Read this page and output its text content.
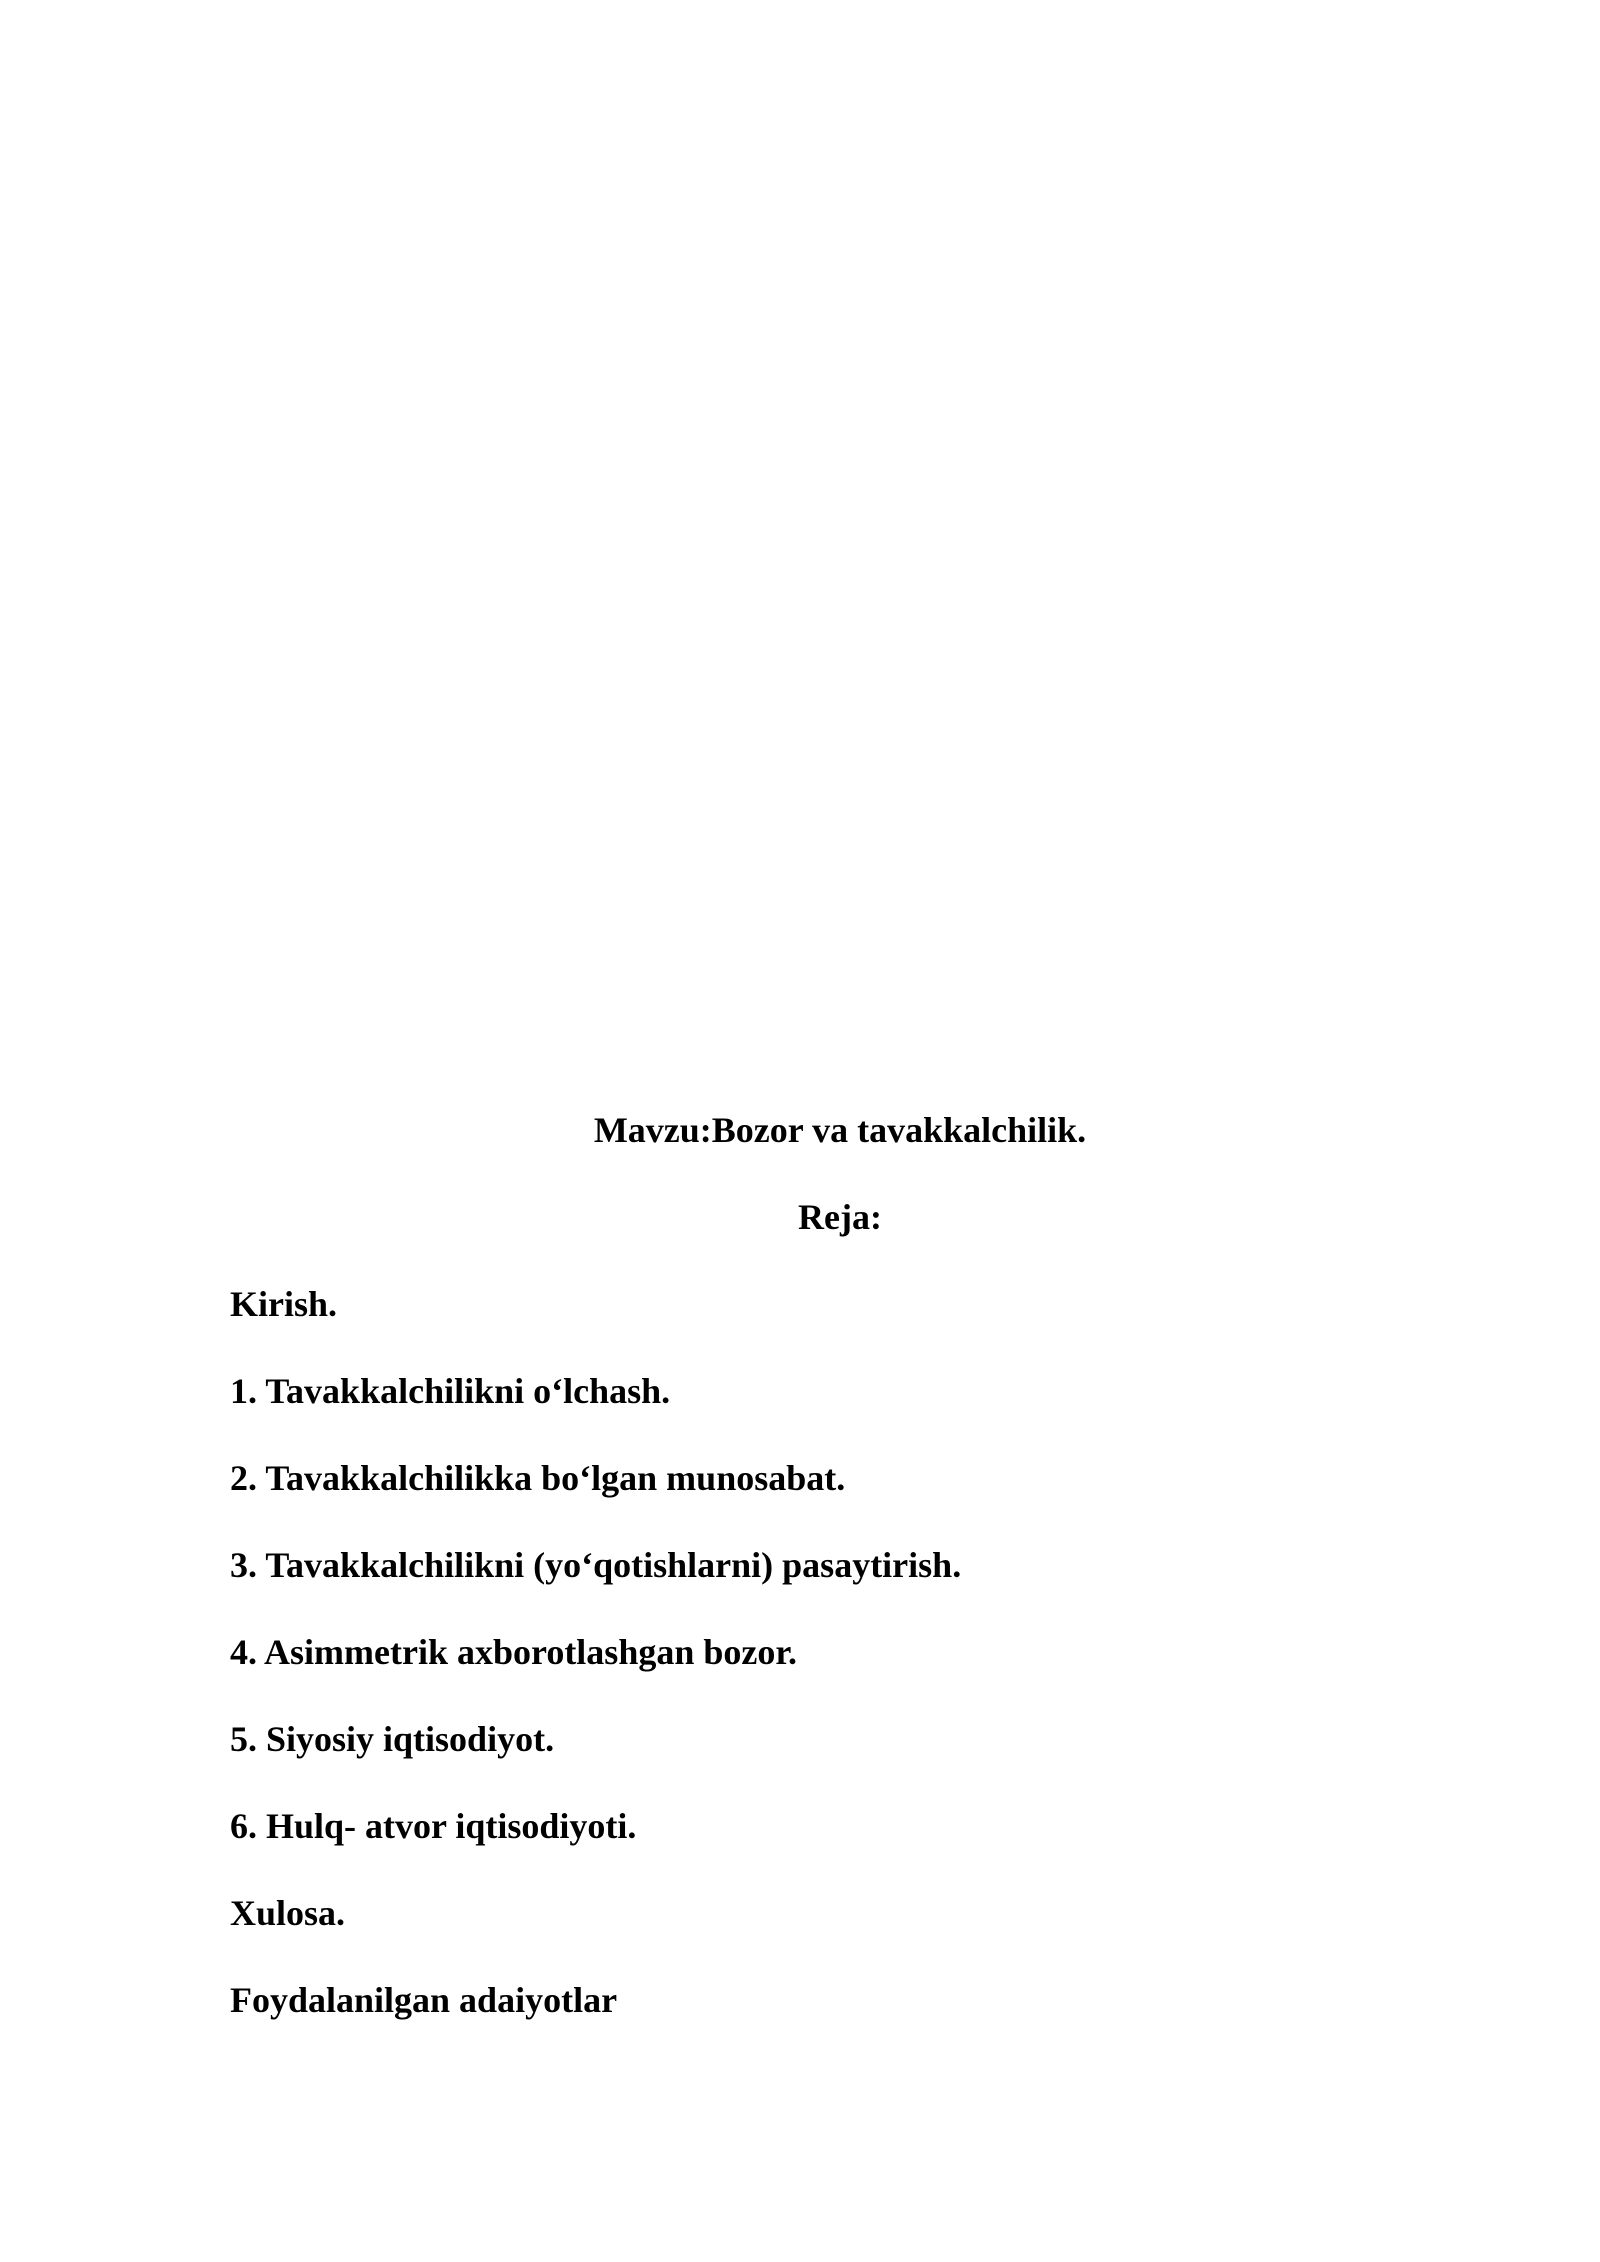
Mavzu:Bozor va tavakkalchilik.

Reja:

Kirish.

1. Tavakkalchilikni o‘lchash.

2. Tavakkalchilikka bo‘lgan munosabat.

3. Tavakkalchilikni (yo‘qotishlarni) pasaytirish.

4. Asimmetrik axborotlashgan bozor.

5. Siyosiy iqtisodiyot.

6. Hulq- atvor iqtisodiyoti.

Xulosa.

Foydalanilgan adaiyotlar
